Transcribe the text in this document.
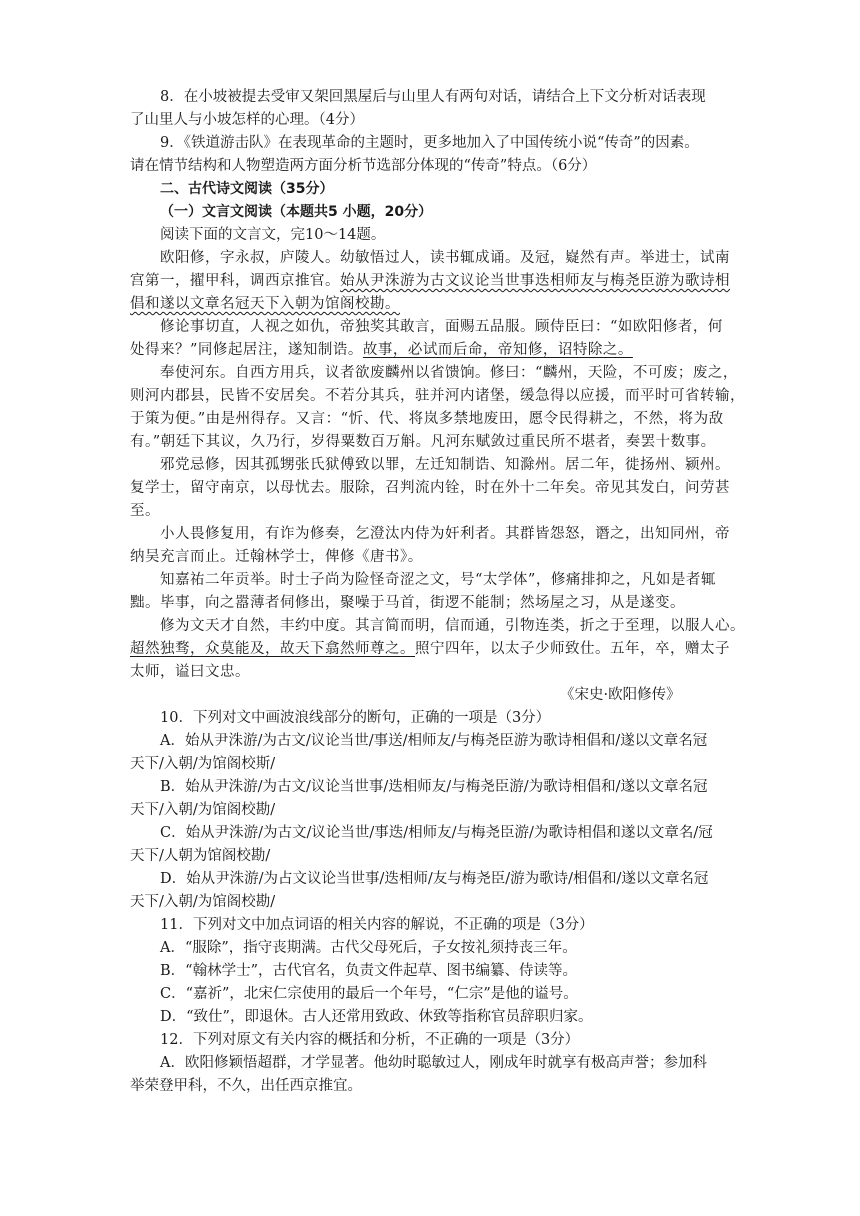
8．在小坡被提去受审又架回黑屋后与山里人有两句对话，请结合上下文分析对话表现
了山里人与小坡怎样的心理。（4分）
9．《铁道游击队》在表现革命的主题时，更多地加入了中国传统小说“传奇”的因素。
请在情节结构和人物塑造两方面分析节选部分体现的“传奇”特点。（6分）
二、古代诗文阅读（35分）
（一）文言文阅读（本题共5 小题，20分）
阅读下面的文言文，完10～14题。
欧阳修，字永叔，庐陵人。幼敏悟过人，读书辄成诵。及冠，嶷然有声。举进士，试南
宫第一，擢甲科，调西京推官。始从尹洙游为古文议论当世事迭相师友与梅尧臣游为歌诗相
倡和遂以文章名冠天下入朝为馆阁校勘。
修论事切直，人视之如仇，帝独奖其敢言，面赐五品服。顾侍臣曰：“如欧阳修者，何
处得来？”同修起居注，遂知制诰。故事，必试而后命，帝知修，诏特除之。
奉使河东。自西方用兵，议者欲废麟州以省馈饷。修曰：“麟州，天险，不可废；废之，
则河内郡县，民皆不安居矣。不若分其兵，驻并河内诸堡，缓急得以应援，而平时可省转输，
于策为便。”由是州得存。又言：“忻、代、将岚多禁地废田，愿令民得耕之，不然，将为敌
有。”朝廷下其议，久乃行，岁得粟数百万斛。凡河东赋敛过重民所不堪者，奏罢十数事。
邪党忌修，因其孤甥张氏狱傅致以罪，左迁知制诰、知滁州。居二年，徙扬州、颍州。
复学士，留守南京，以母忧去。服除，召判流内铨，时在外十二年矣。帝见其发白，问劳甚
至。
小人畏修复用，有诈为修奏，乞澄汰内侍为奸利者。其群皆怨怒，谮之，出知同州，帝
纳吴充言而止。迁翰林学士，俾修《唐书》。
知嘉祐二年贡举。时士子尚为险怪奇涩之文，号“太学体”，修痛排抑之，凡如是者辄
黜。毕事，向之嚣薄者伺修出，聚噪于马首，街逻不能制；然场屋之习，从是遂变。
修为文天才自然，丰约中度。其言简而明，信而通，引物连类，折之于至理，以服人心。
超然独骛，众莫能及，故天下翕然师尊之。照宁四年，以太子少师致仕。五年，卒，赠太子
太师，谥曰文忠。
《宋史·欧阳修传》
10．下列对文中画波浪线部分的断句，正确的一项是（3分）
A．始从尹洙游/为古文/议论当世/事送/相师友/与梅尧臣游为歌诗相倡和/遂以文章名冠
天下/入朝/为馆阁校斯/
B．始从尹洙游/为古文/议论当世事/迭相师友/与梅尧臣游/为歌诗相倡和/遂以文章名冠
天下/入朝/为馆阁校勘/
C．始从尹洙游/为古文/议论当世/事迭/相师友/与梅尧臣游/为歌诗相倡和遂以文章名/冠
天下/人朝为馆阁校勘/
D．始从尹洙游/为占文议论当世事/迭相师/友与梅尧臣/游为歌诗/相倡和/遂以文章名冠
天下/入朝/为馆阁校勘/
11．下列对文中加点词语的相关内容的解说，不正确的项是（3分）
A．“服除”，指守丧期满。古代父母死后，子女按礼须持丧三年。
B．“翰林学士”，古代官名，负责文件起草、图书编纂、侍读等。
C．“嘉祈”，北宋仁宗使用的最后一个年号，“仁宗”是他的谥号。
D．“致仕”，即退休。古人还常用致政、休致等指称官员辞职归家。
12．下列对原文有关内容的概括和分析，不正确的一项是（3分）
A．欧阳修颖悟超群，才学显著。他幼时聪敏过人，刚成年时就享有极高声誉；参加科
举荣登甲科，不久，出任西京推宜。
